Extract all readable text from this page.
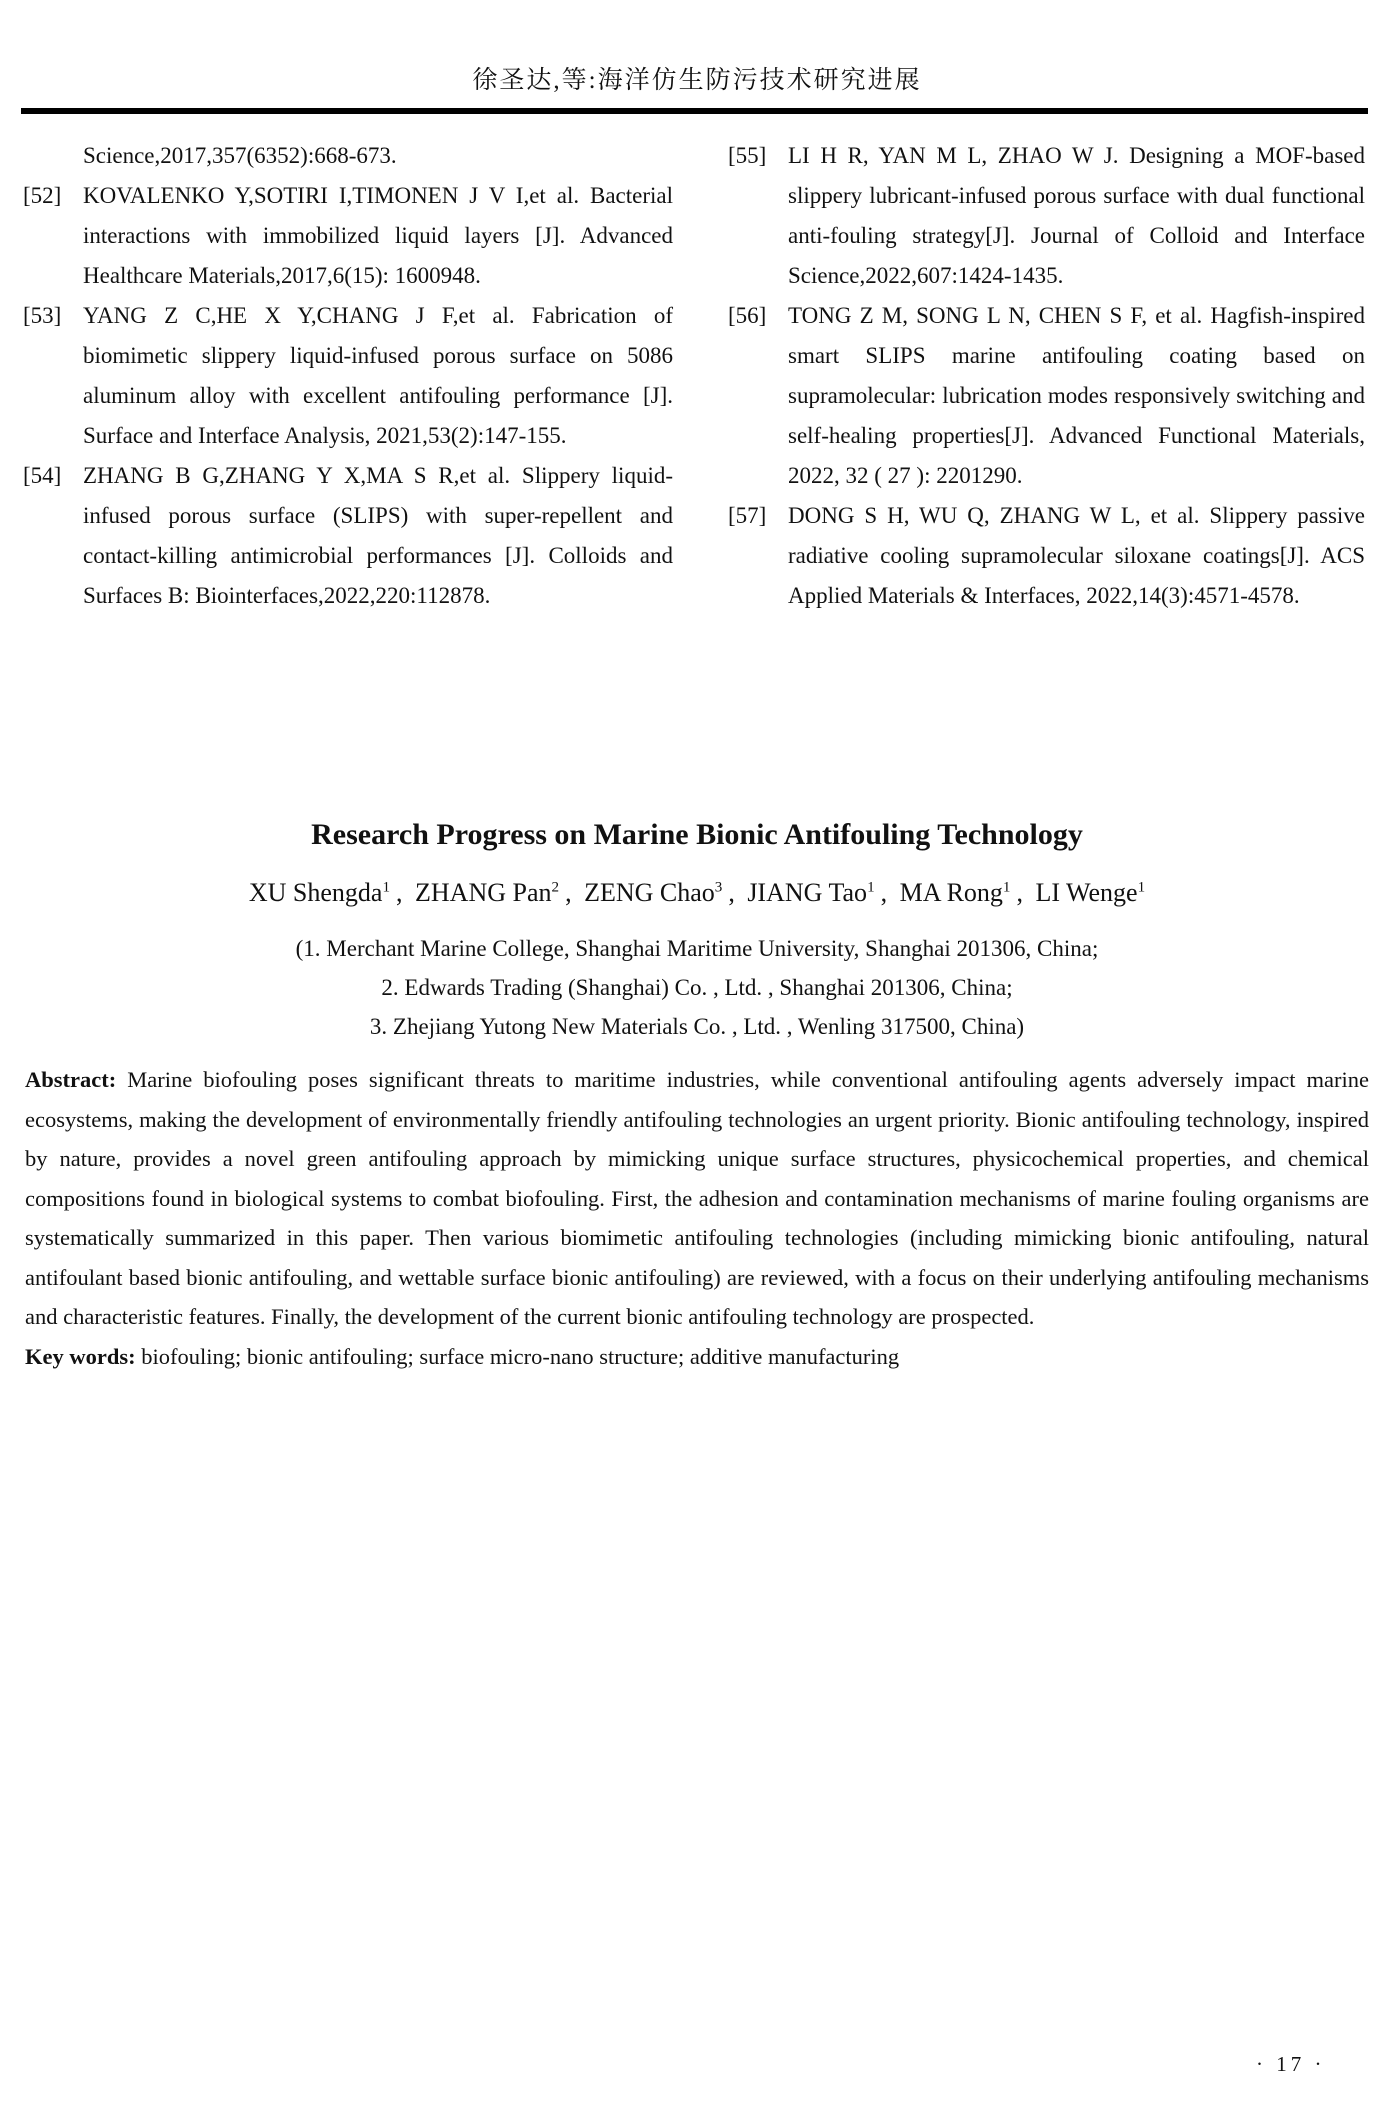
徐圣达,等:海洋仿生防污技术研究进展
Science,2017,357(6352):668-673.
[52] KOVALENKO Y,SOTIRI I,TIMONEN J V I,et al. Bacterial interactions with immobilized liquid layers [J]. Advanced Healthcare Materials,2017,6(15): 1600948.
[53] YANG Z C,HE X Y,CHANG J F,et al. Fabrication of biomimetic slippery liquid-infused porous surface on 5086 aluminum alloy with excellent antifouling performance [J]. Surface and Interface Analysis, 2021,53(2):147-155.
[54] ZHANG B G,ZHANG Y X,MA S R,et al. Slippery liquid-infused porous surface (SLIPS) with super-repellent and contact-killing antimicrobial performances [J]. Colloids and Surfaces B: Biointerfaces,2022,220:112878.
[55] LI H R, YAN M L, ZHAO W J. Designing a MOF-based slippery lubricant-infused porous surface with dual functional anti-fouling strategy[J]. Journal of Colloid and Interface Science,2022,607:1424-1435.
[56] TONG Z M, SONG L N, CHEN S F, et al. Hagfish-inspired smart SLIPS marine antifouling coating based on supramolecular: lubrication modes responsively switching and self-healing properties[J]. Advanced Functional Materials, 2022, 32 ( 27 ): 2201290.
[57] DONG S H, WU Q, ZHANG W L, et al. Slippery passive radiative cooling supramolecular siloxane coatings[J]. ACS Applied Materials & Interfaces, 2022,14(3):4571-4578.
Research Progress on Marine Bionic Antifouling Technology
XU Shengda$^1$ , ZHANG Pan$^2$ , ZENG Chao$^3$ , JIANG Tao$^1$ , MA Rong$^1$ , LI Wenge$^1$
(1. Merchant Marine College, Shanghai Maritime University, Shanghai 201306, China;
2. Edwards Trading (Shanghai) Co. , Ltd. , Shanghai 201306, China;
3. Zhejiang Yutong New Materials Co. , Ltd. , Wenling 317500, China)

Abstract: Marine biofouling poses significant threats to maritime industries, while conventional antifouling agents adversely impact marine ecosystems, making the development of environmentally friendly antifouling technologies an urgent priority. Bionic antifouling technology, inspired by nature, provides a novel green antifouling approach by mimicking unique surface structures, physicochemical properties, and chemical compositions found in biological systems to combat biofouling. First, the adhesion and contamination mechanisms of marine fouling organisms are systematically summarized in this paper. Then various biomimetic antifouling technologies (including mimicking bionic antifouling, natural antifoulant based bionic antifouling, and wettable surface bionic antifouling) are reviewed, with a focus on their underlying antifouling mechanisms and characteristic features. Finally, the development of the current bionic antifouling technology are prospected.

Key words: biofouling; bionic antifouling; surface micro-nano structure; additive manufacturing

· 17 ·
